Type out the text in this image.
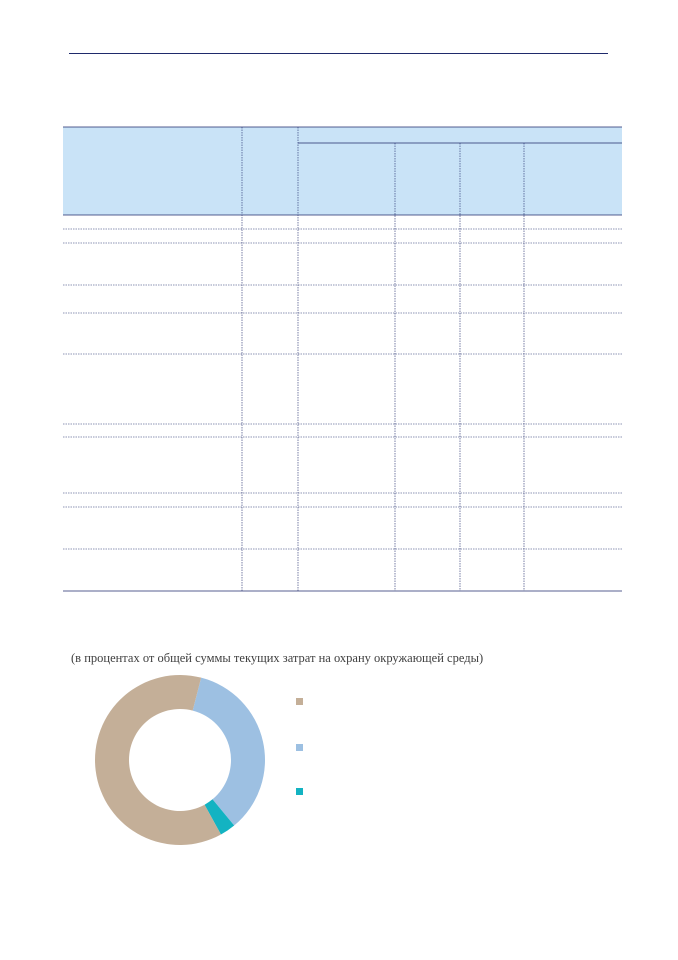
(в процентах от общей суммы текущих затрат на охрану окружающей среды)
